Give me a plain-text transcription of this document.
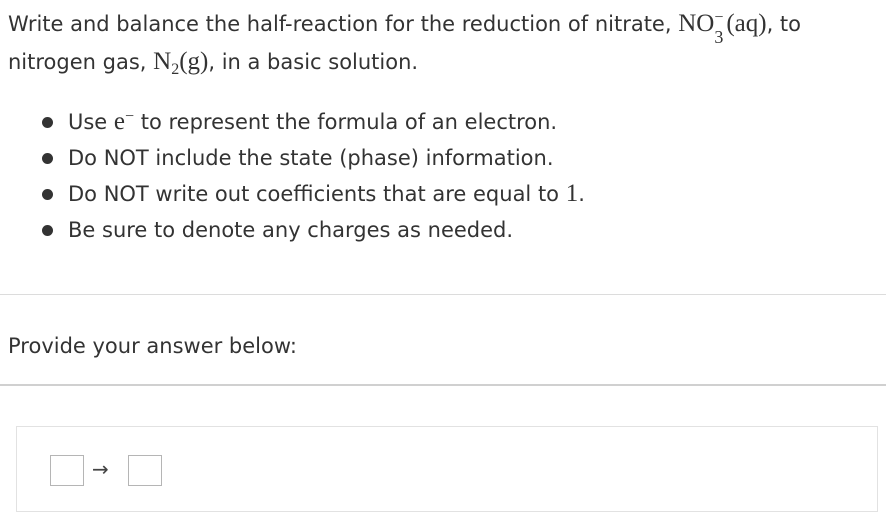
Write and balance the half-reaction for the reduction of nitrate, NO −
3 (aq), to nitrogen gas, $N_2(g)$, in a basic solution.
Use e− to represent the formula of an electron.
Do NOT include the state (phase) information.
Do NOT write out coefficients that are equal to 1.
Be sure to denote any charges as needed.
Provide your answer below:
→
